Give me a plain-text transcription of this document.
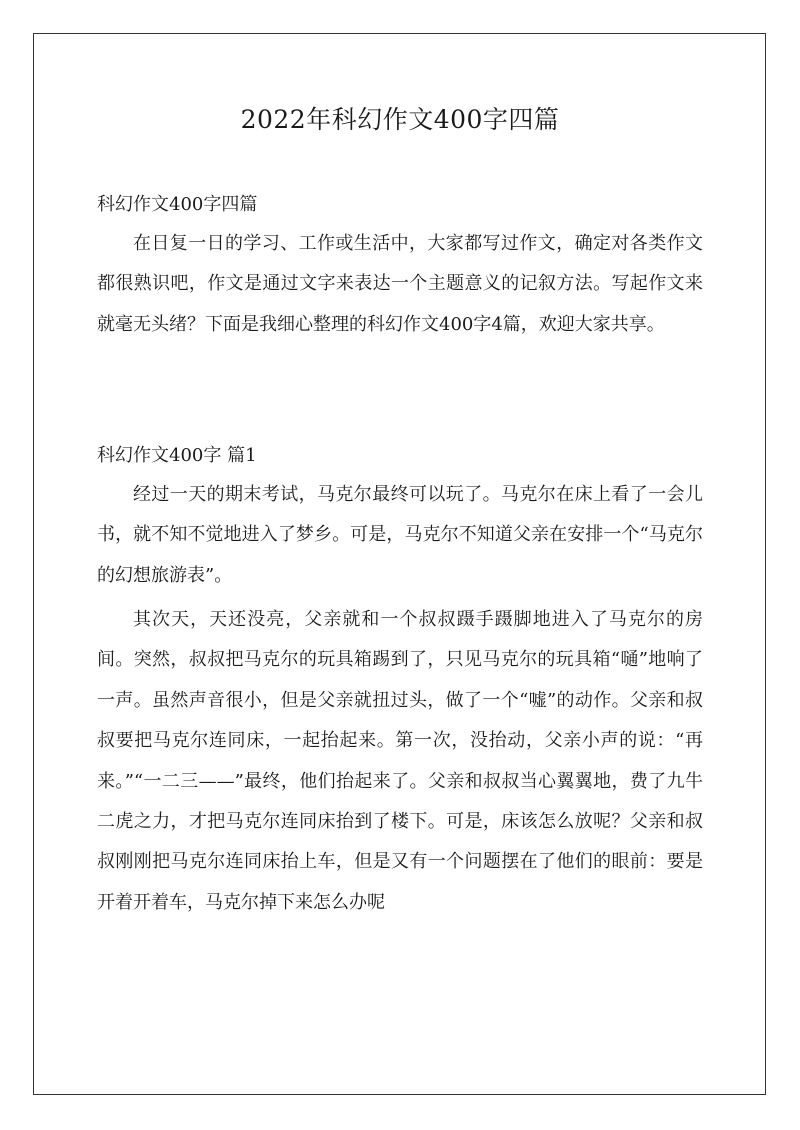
2022年科幻作文400字四篇
科幻作文400字四篇

在日复一日的学习、工作或生活中，大家都写过作文，确定对各类作文都很熟识吧，作文是通过文字来表达一个主题意义的记叙方法。写起作文来就毫无头绪？下面是我细心整理的科幻作文400字4篇，欢迎大家共享。

科幻作文400字 篇1

经过一天的期末考试，马克尔最终可以玩了。马克尔在床上看了一会儿书，就不知不觉地进入了梦乡。可是，马克尔不知道父亲在安排一个“马克尔的幻想旅游表”。

其次天，天还没亮，父亲就和一个叔叔蹑手蹑脚地进入了马克尔的房间。突然，叔叔把马克尔的玩具箱踢到了，只见马克尔的玩具箱“嗵”地响了一声。虽然声音很小，但是父亲就扭过头，做了一个“嘘”的动作。父亲和叔叔要把马克尔连同床，一起抬起来。第一次，没抬动，父亲小声的说：“再来。”“一二三——”最终，他们抬起来了。父亲和叔叔当心翼翼地，费了九牛二虎之力，才把马克尔连同床抬到了楼下。可是，床该怎么放呢？父亲和叔叔刚刚把马克尔连同床抬上车，但是又有一个问题摆在了他们的眼前：要是开着开着车，马克尔掉下来怎么办呢
